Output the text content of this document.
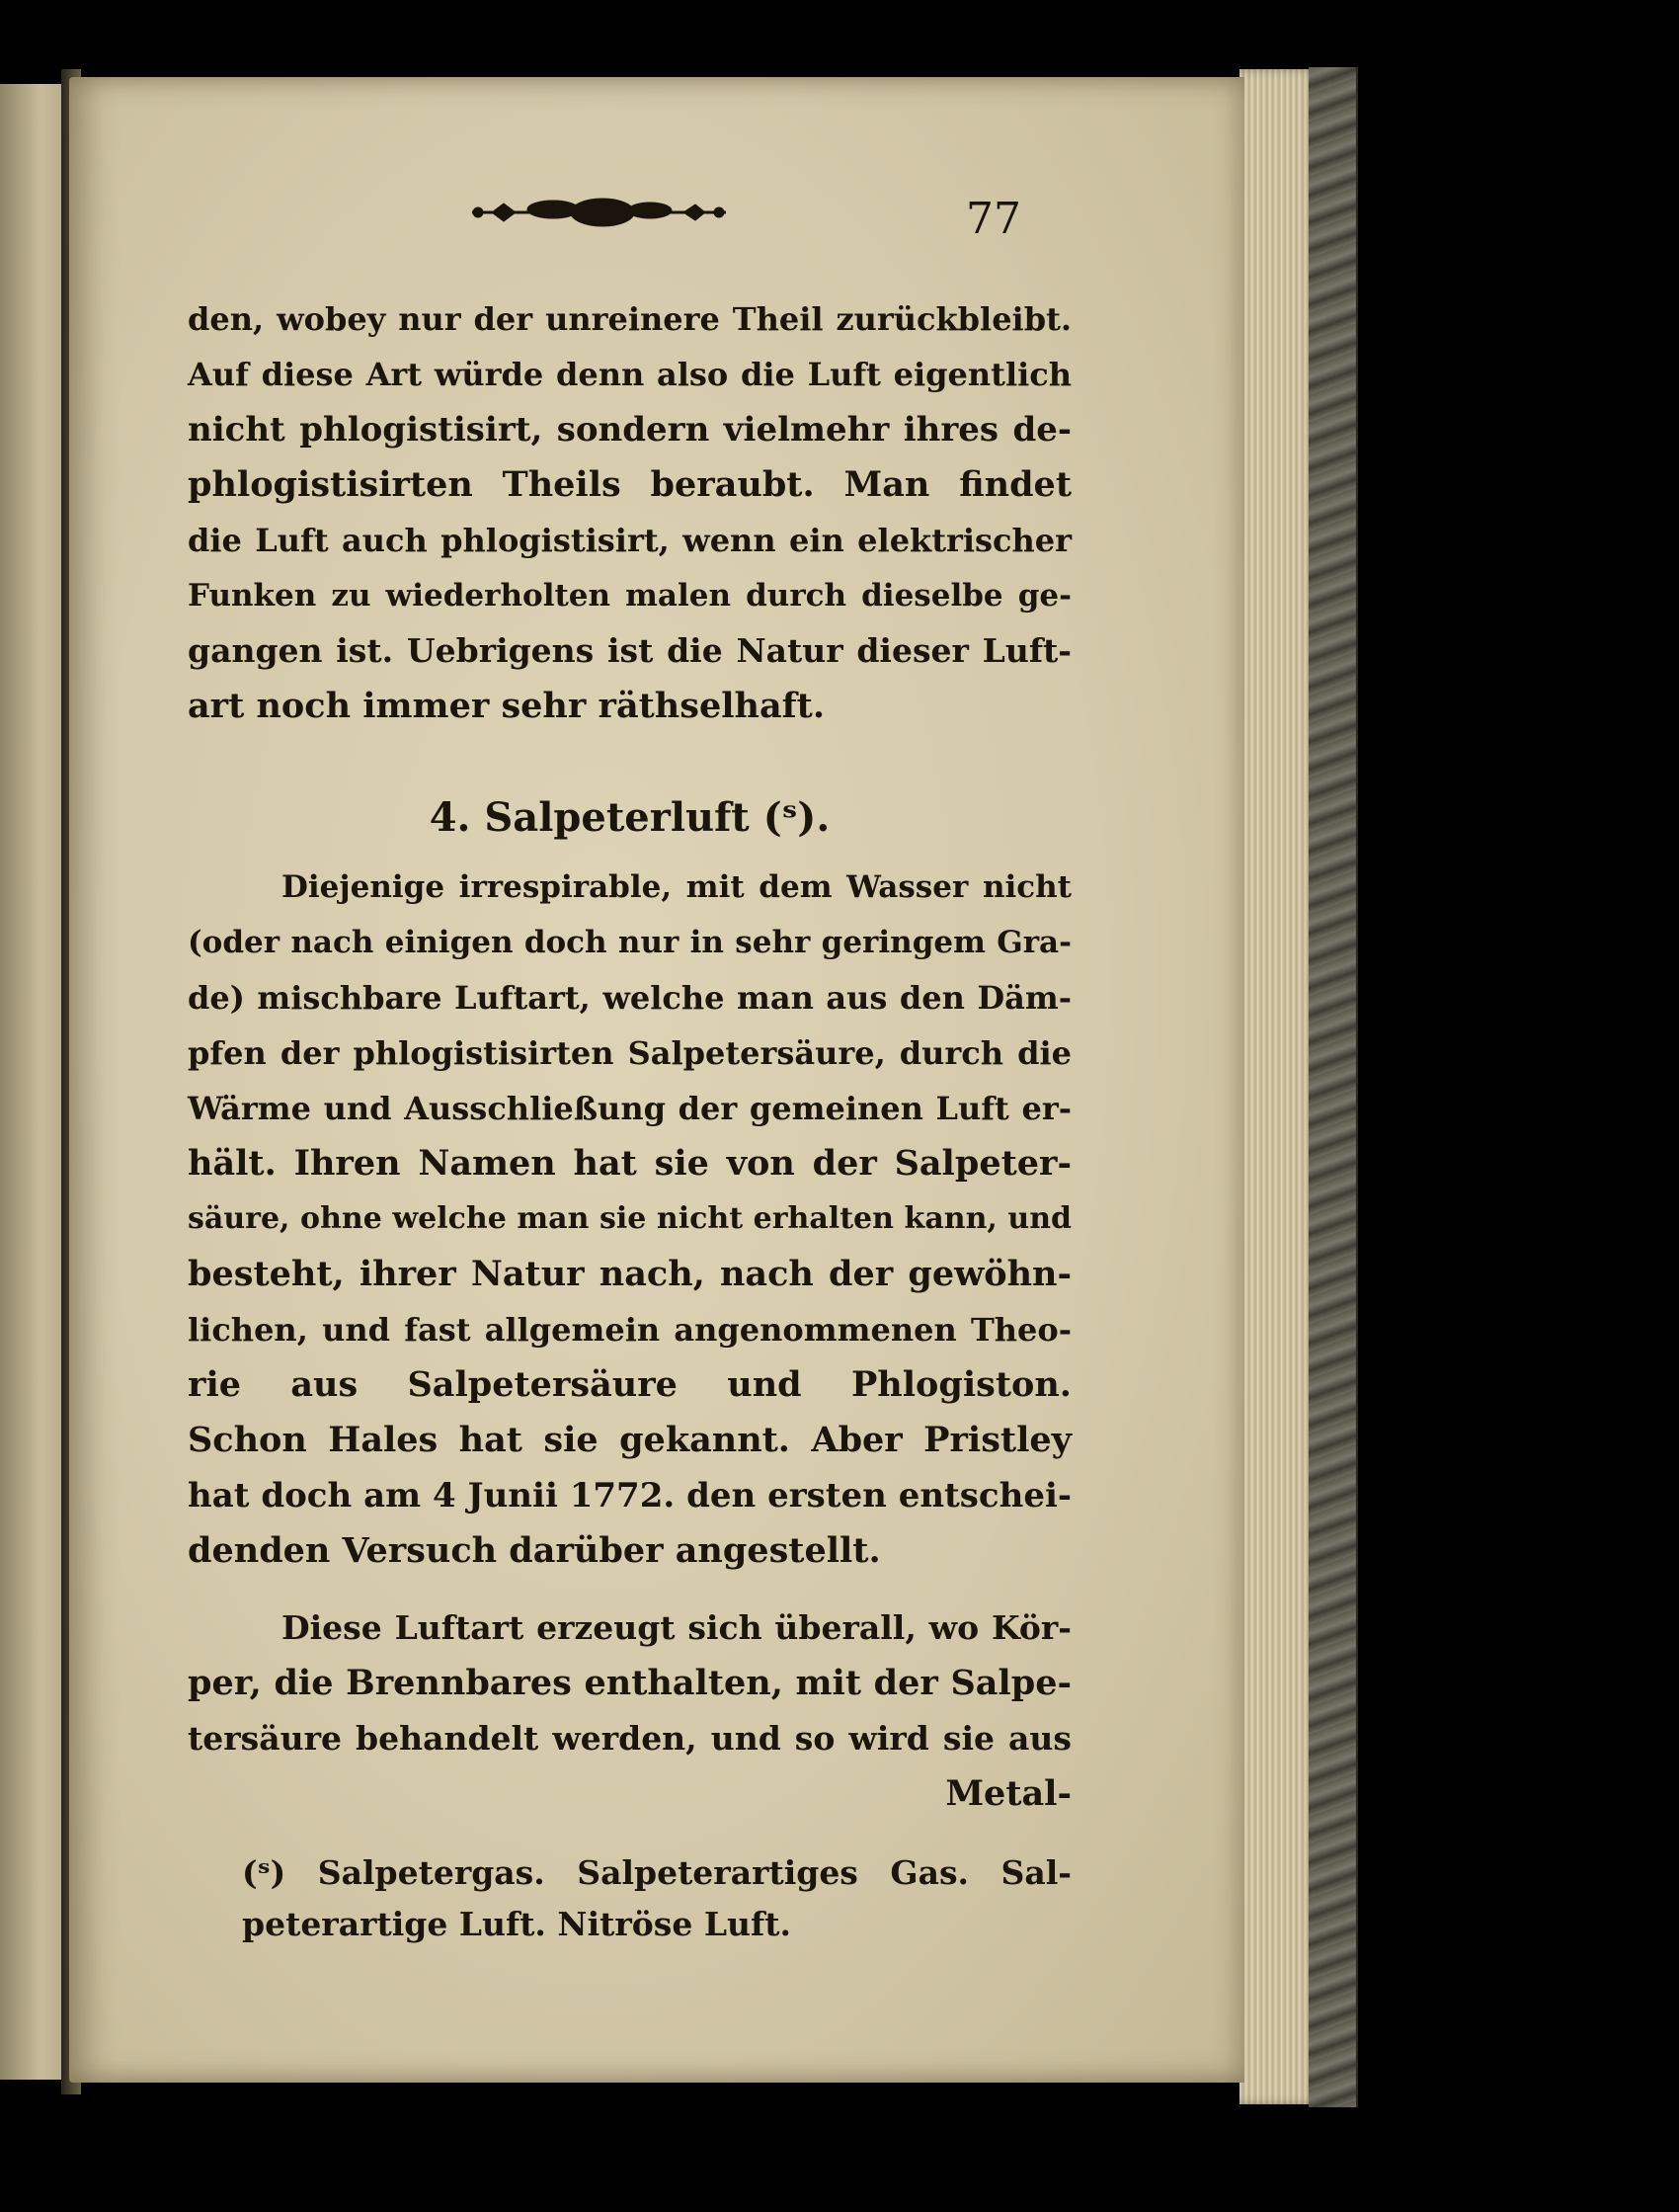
77
den, wobey nur der unreinere Theil zurückbleibt.
Auf diese Art würde denn also die Luft eigentlich
nicht phlogistisirt, sondern vielmehr ihres de-
phlogistisirten Theils beraubt. Man findet
die Luft auch phlogistisirt, wenn ein elektrischer
Funken zu wiederholten malen durch dieselbe ge-
gangen ist. Uebrigens ist die Natur dieser Luft-
art noch immer sehr räthselhaft.
4. Salpeterluft (ˢ).
Diejenige irrespirable, mit dem Wasser nicht
(oder nach einigen doch nur in sehr geringem Gra-
de) mischbare Luftart, welche man aus den Däm-
pfen der phlogistisirten Salpetersäure, durch die
Wärme und Ausschließung der gemeinen Luft er-
hält. Ihren Namen hat sie von der Salpeter-
säure, ohne welche man sie nicht erhalten kann, und
besteht, ihrer Natur nach, nach der gewöhn-
lichen, und fast allgemein angenommenen Theo-
rie aus Salpetersäure und Phlogiston.
Schon Hales hat sie gekannt. Aber Pristley
hat doch am 4 Junii 1772. den ersten entschei-
denden Versuch darüber angestellt.
Diese Luftart erzeugt sich überall, wo Kör-
per, die Brennbares enthalten, mit der Salpe-
tersäure behandelt werden, und so wird sie aus
Metal-
(ˢ) Salpetergas. Salpeterartiges Gas. Sal-
peterartige Luft. Nitröse Luft.
